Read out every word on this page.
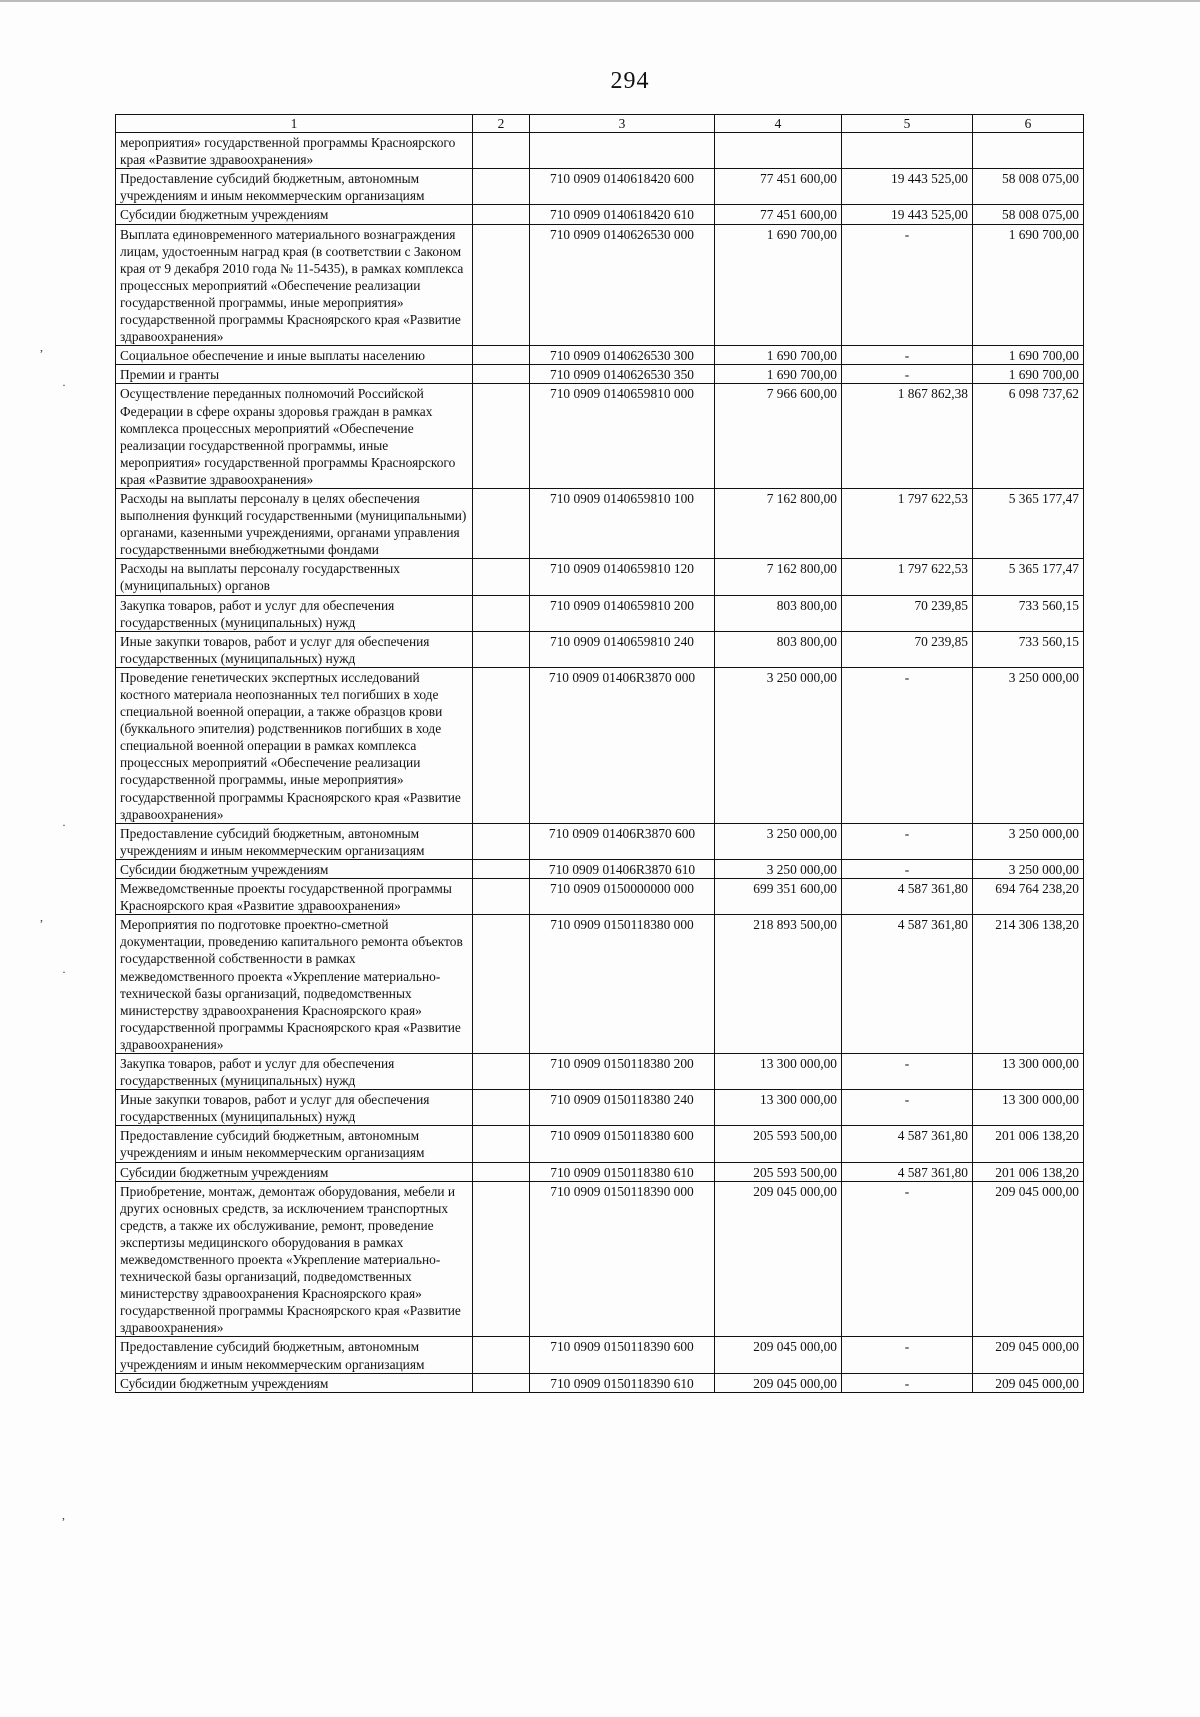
294
,
·
·
,
·
,
1	2	3	4	5	6
мероприятия» государственной программы Красноярского края «Развитие здравоохранения»					
Предоставление субсидий бюджетным, автономным учреждениям и иным некоммерческим организациям		710 0909 0140618420 600	77 451 600,00	19 443 525,00	58 008 075,00
Субсидии бюджетным учреждениям		710 0909 0140618420 610	77 451 600,00	19 443 525,00	58 008 075,00
Выплата единовременного материального вознаграждения лицам, удостоенным наград края (в соответствии с Законом края от 9 декабря 2010 года № 11-5435), в рамках комплекса процессных мероприятий «Обеспечение реализации государственной программы, иные мероприятия» государственной программы Красноярского края «Развитие здравоохранения»		710 0909 0140626530 000	1 690 700,00	-	1 690 700,00
Социальное обеспечение и иные выплаты населению		710 0909 0140626530 300	1 690 700,00	-	1 690 700,00
Премии и гранты		710 0909 0140626530 350	1 690 700,00	-	1 690 700,00
Осуществление переданных полномочий Российской Федерации в сфере охраны здоровья граждан в рамках комплекса процессных мероприятий «Обеспечение реализации государственной программы, иные мероприятия» государственной программы Красноярского края «Развитие здравоохранения»		710 0909 0140659810 000	7 966 600,00	1 867 862,38	6 098 737,62
Расходы на выплаты персоналу в целях обеспечения выполнения функций государственными (муниципальными) органами, казенными учреждениями, органами управления государственными внебюджетными фондами		710 0909 0140659810 100	7 162 800,00	1 797 622,53	5 365 177,47
Расходы на выплаты персоналу государственных (муниципальных) органов		710 0909 0140659810 120	7 162 800,00	1 797 622,53	5 365 177,47
Закупка товаров, работ и услуг для обеспечения государственных (муниципальных) нужд		710 0909 0140659810 200	803 800,00	70 239,85	733 560,15
Иные закупки товаров, работ и услуг для обеспечения государственных (муниципальных) нужд		710 0909 0140659810 240	803 800,00	70 239,85	733 560,15
Проведение генетических экспертных исследований костного материала неопознанных тел погибших в ходе специальной военной операции, а также образцов крови (буккального эпителия) родственников погибших в ходе специальной военной операции в рамках комплекса процессных мероприятий «Обеспечение реализации государственной программы, иные мероприятия» государственной программы Красноярского края «Развитие здравоохранения»		710 0909 01406R3870 000	3 250 000,00	-	3 250 000,00
Предоставление субсидий бюджетным, автономным учреждениям и иным некоммерческим организациям		710 0909 01406R3870 600	3 250 000,00	-	3 250 000,00
Субсидии бюджетным учреждениям		710 0909 01406R3870 610	3 250 000,00	-	3 250 000,00
Межведомственные проекты государственной программы Красноярского края «Развитие здравоохранения»		710 0909 0150000000 000	699 351 600,00	4 587 361,80	694 764 238,20
Мероприятия по подготовке проектно-сметной документации, проведению капитального ремонта объектов государственной собственности в рамках межведомственного проекта «Укрепление материально-технической базы организаций, подведомственных министерству здравоохранения Красноярского края» государственной программы Красноярского края «Развитие здравоохранения»		710 0909 0150118380 000	218 893 500,00	4 587 361,80	214 306 138,20
Закупка товаров, работ и услуг для обеспечения государственных (муниципальных) нужд		710 0909 0150118380 200	13 300 000,00	-	13 300 000,00
Иные закупки товаров, работ и услуг для обеспечения государственных (муниципальных) нужд		710 0909 0150118380 240	13 300 000,00	-	13 300 000,00
Предоставление субсидий бюджетным, автономным учреждениям и иным некоммерческим организациям		710 0909 0150118380 600	205 593 500,00	4 587 361,80	201 006 138,20
Субсидии бюджетным учреждениям		710 0909 0150118380 610	205 593 500,00	4 587 361,80	201 006 138,20
Приобретение, монтаж, демонтаж оборудования, мебели и других основных средств, за исключением транспортных средств, а также их обслуживание, ремонт, проведение экспертизы медицинского оборудования в рамках межведомственного проекта «Укрепление материально-технической базы организаций, подведомственных министерству здравоохранения Красноярского края» государственной программы Красноярского края «Развитие здравоохранения»		710 0909 0150118390 000	209 045 000,00	-	209 045 000,00
Предоставление субсидий бюджетным, автономным учреждениям и иным некоммерческим организациям		710 0909 0150118390 600	209 045 000,00	-	209 045 000,00
Субсидии бюджетным учреждениям		710 0909 0150118390 610	209 045 000,00	-	209 045 000,00
